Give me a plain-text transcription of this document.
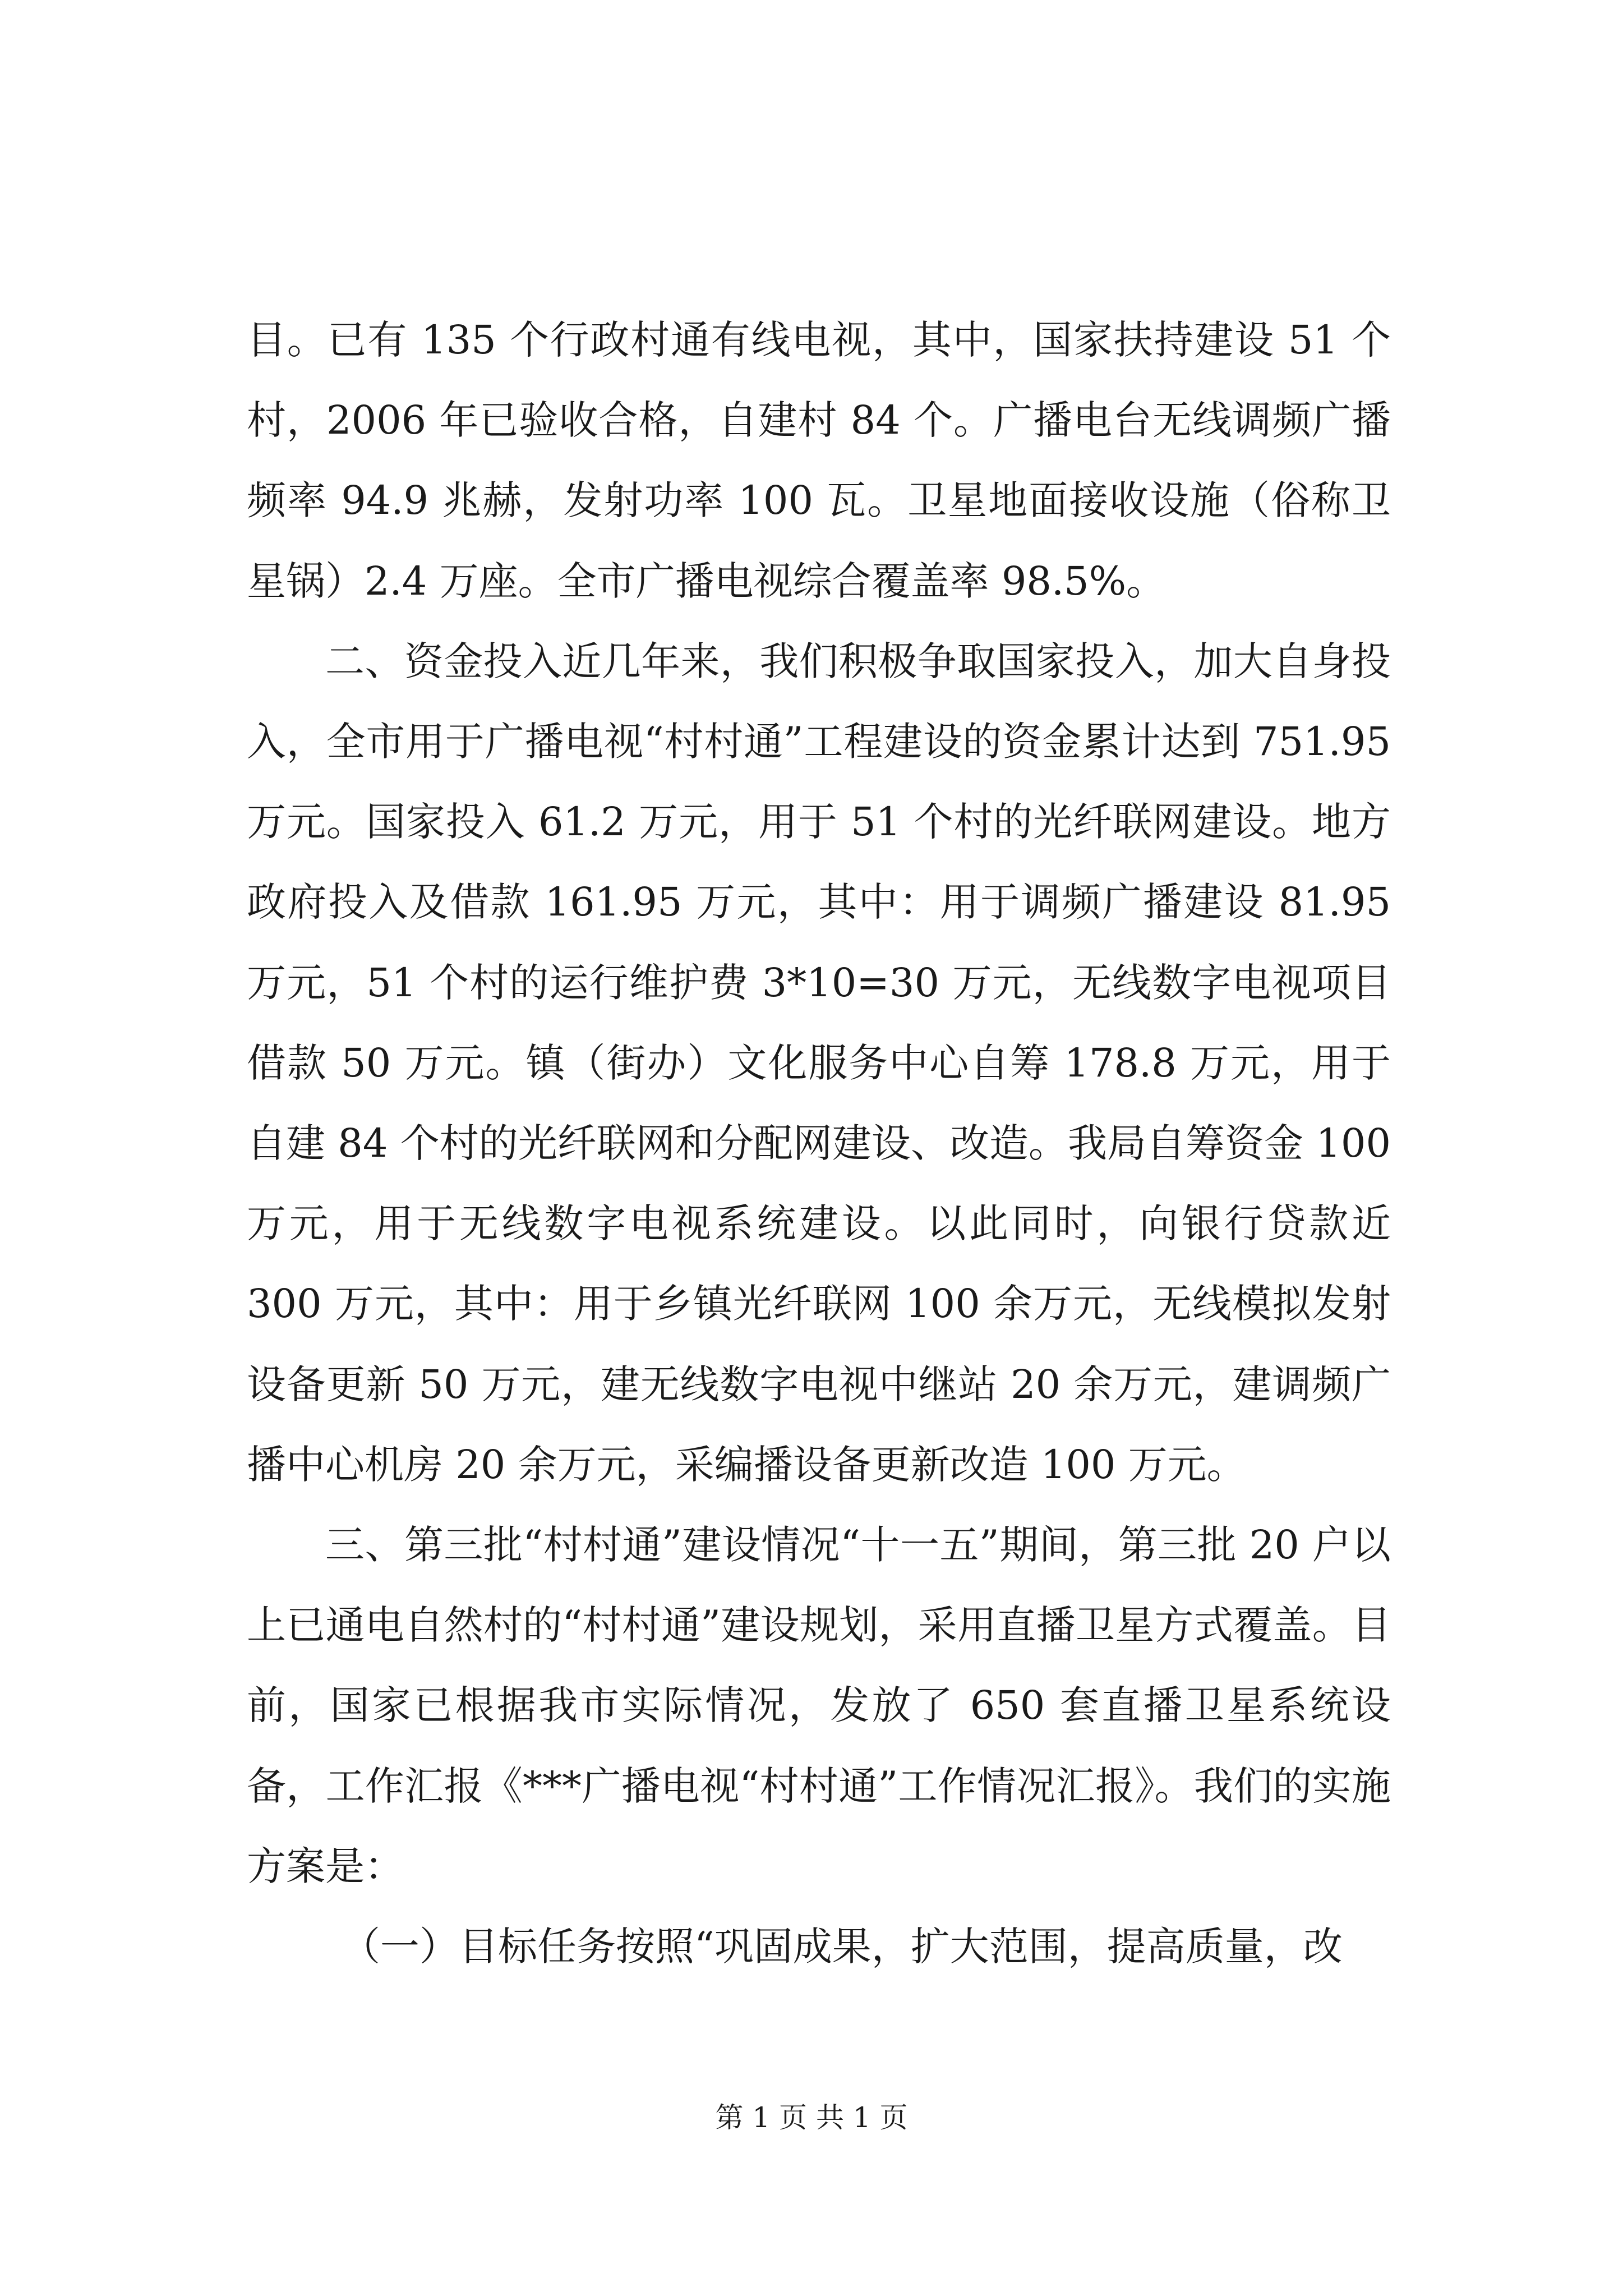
目。已有 135 个行政村通有线电视，其中，国家扶持建设 51 个村，2006 年已验收合格，自建村 84 个。广播电台无线调频广播频率 94.9 兆赫，发射功率 100 瓦。卫星地面接收设施（俗称卫星锅）2.4 万座。全市广播电视综合覆盖率 98.5%。

二、资金投入近几年来，我们积极争取国家投入，加大自身投入，全市用于广播电视“村村通”工程建设的资金累计达到 751.95 万元。国家投入 61.2 万元，用于 51 个村的光纤联网建设。地方政府投入及借款 161.95 万元，其中：用于调频广播建设 81.95 万元，51 个村的运行维护费 3*10=30 万元，无线数字电视项目借款 50 万元。镇（街办）文化服务中心自筹 178.8 万元，用于自建 84 个村的光纤联网和分配网建设、改造。我局自筹资金 100 万元，用于无线数字电视系统建设。以此同时，向银行贷款近 300 万元，其中：用于乡镇光纤联网 100 余万元，无线模拟发射设备更新 50 万元，建无线数字电视中继站 20 余万元，建调频广播中心机房 20 余万元，采编播设备更新改造 100 万元。

三、第三批“村村通”建设情况“十一五”期间，第三批 20 户以上已通电自然村的“村村通”建设规划，采用直播卫星方式覆盖。目前，国家已根据我市实际情况，发放了 650 套直播卫星系统设备，工作汇报《***广播电视“村村通”工作情况汇报》。我们的实施方案是：

（一）目标任务按照“巩固成果，扩大范围，提高质量，改

第 1 页 共 1 页
